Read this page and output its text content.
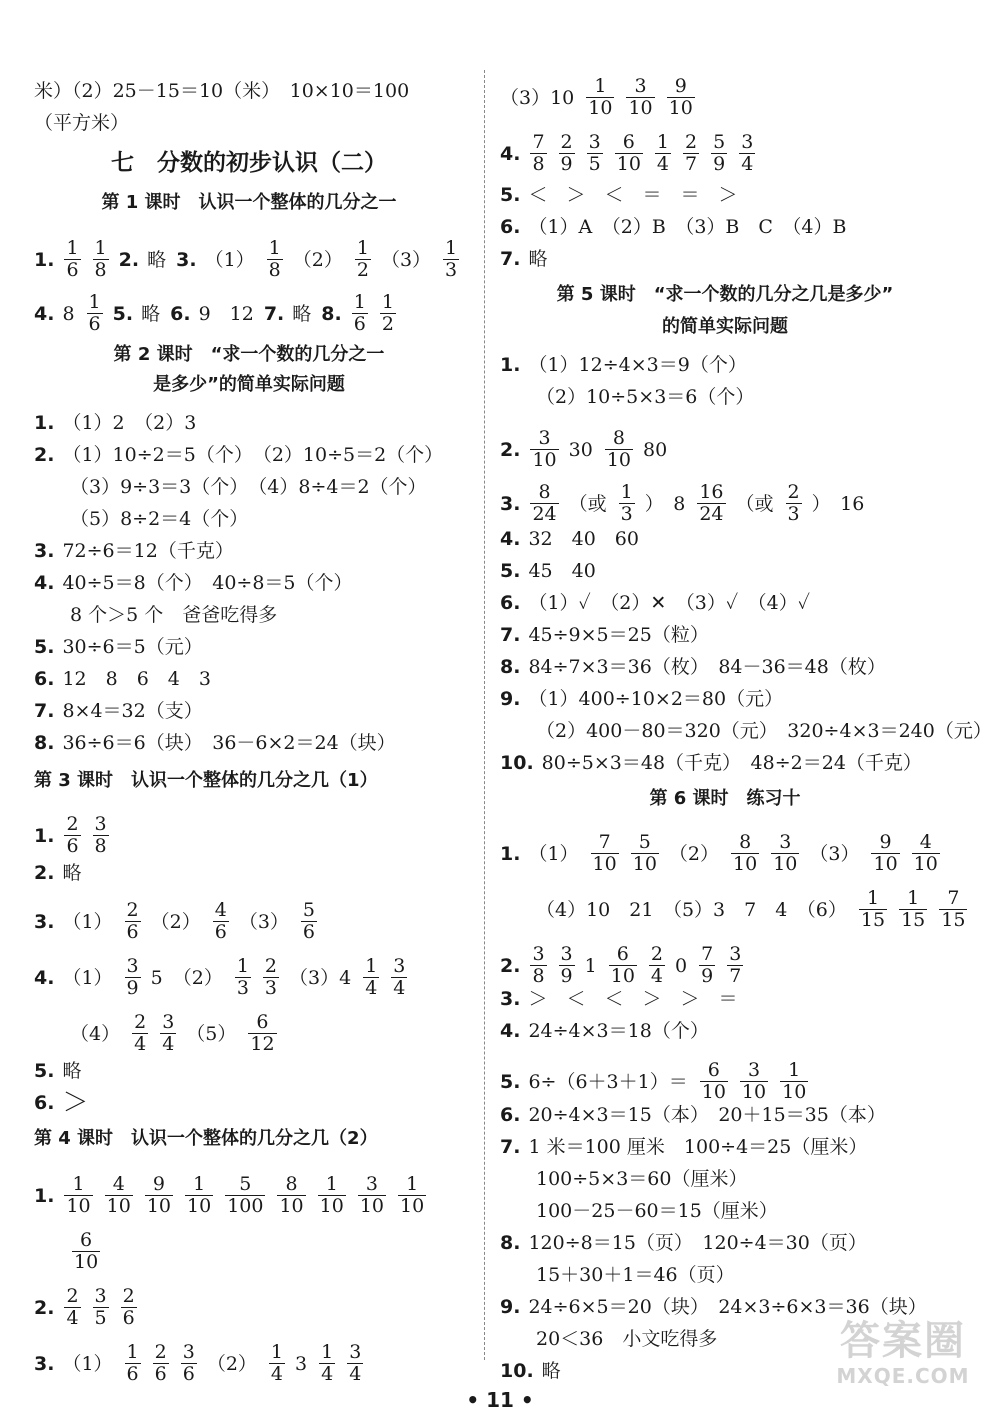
米）（2）25－15＝10（米）　10×10＝100
（平方米）
七　分数的初步认识（二）
第 1 课时　认识一个整体的几分之一
1. $\frac{1}{6} \frac{1}{8} 2$. 略 3. $(1) \frac{1}{8} (2) \frac{1}{2} (3) \frac{1}{3}$
4. $8 \frac{1}{6} 5$. 略 6. 9　12 7. 略 8. $\frac{1}{6} \frac{1}{2}$
第 2 课时　“求一个数的几分之一
是多少”的简单实际问题
1. （1）2　（2）3
2. （1）10÷2＝5（个）　（2）10÷5＝2（个）
（3）9÷3＝3（个）　（4）8÷4＝2（个）
（5）8÷2＝4（个）
3. 72÷6＝12（千克）
4. 40÷5＝8（个）　40÷8＝5（个）
8 个＞5 个　爸爸吃得多
5. 30÷6＝5（元）
6. 12　8　6　4　3
7. 8×4＝32（支）
8. 36÷6＝6（块）　36－6×2＝24（块）
第 3 课时　认识一个整体的几分之几（1）
1. $\frac{2}{6} \frac{3}{8}$
2. 略
3. $(1) \frac{2}{6} (2) \frac{4}{6} (3) \frac{5}{6}$
4. $(1) \frac{3}{9} 5$ $(2) \frac{1}{3} \frac{2}{3} (3)4 \frac{1}{4} \frac{3}{4}$
$(4) \frac{2}{4} \frac{3}{4} (5) \frac{6}{12}$
5. 略
6. ＞
第 4 课时　认识一个整体的几分之几（2）
1. $\frac{1}{10} \frac{4}{10} \frac{9}{10} \frac{1}{10} \frac{5}{100} \frac{8}{10} \frac{1}{10} \frac{3}{10} \frac{1}{10}$
$\frac{6}{10}$
2. $\frac{2}{4} \frac{3}{5} \frac{2}{6}$
3. $(1) \frac{1}{6} \frac{2}{6} \frac{3}{6} (2) \frac{1}{4} 3 \frac{1}{4} \frac{3}{4}$
$(3)10 \frac{1}{10} \frac{3}{10} \frac{9}{10}$
4. $\frac{7}{8} \frac{2}{9} \frac{3}{5} \frac{6}{10} \frac{1}{4} \frac{2}{7} \frac{5}{9} \frac{3}{4}$
5. ＜　＞　＜　＝　＝　＞
6. （1）A　（2）B　（3）B　C　（4）B
7. 略
第 5 课时　“求一个数的几分之几是多少”
的简单实际问题
1. （1）12÷4×3＝9（个）
（2）10÷5×3＝6（个）
2. $\frac{3}{10} 30 \frac{8}{10} 80$
3. $\frac{8}{24}$ （或 $\frac{1}{3}$ ）　$8 \frac{16}{24}$ （或 $\frac{2}{3}$ ）　16
4. 32　40　60
5. 45　40
6. （1）✓　（2）✕　（3）✓　（4）✓
7. 45÷9×5＝25（粒）
8. 84÷7×3＝36（枚）　84－36＝48（枚）
9. （1）400÷10×2＝80（元）
（2）400－80＝320（元）　320÷4×3＝240（元）
10. 80÷5×3＝48（千克）　48÷2＝24（千克）
第 6 课时　练习十
1. $(1) \frac{7}{10} \frac{5}{10} (2) \frac{8}{10} \frac{3}{10} (3) \frac{9}{10} \frac{4}{10}$
（4）10　21　（5）3　7　4　$(6) \frac{1}{15} \frac{1}{15} \frac{7}{15}$
2. $\frac{3}{8} \frac{3}{9} 1 \frac{6}{10} \frac{2}{4} 0 \frac{7}{9} \frac{3}{7}$
3. ＞　＜　＜　＞　＞　＝
4. 24÷4×3＝18（个）
5. $6\div(6+3+1)= \frac{6}{10} \frac{3}{10} \frac{1}{10}$
6. 20÷4×3＝15（本）　20＋15＝35（本）
7. 1 米＝100 厘米　100÷4＝25（厘米）
100÷5×3＝60（厘米）
100－25－60＝15（厘米）
8. 120÷8＝15（页）　120÷4＝30（页）
15＋30＋1＝46（页）
9. 24÷6×5＝20（块）　24×3÷6×3＝36（块）
20＜36　小文吃得多
10. 略
• 11 •
答案圈
MXQE.COM
